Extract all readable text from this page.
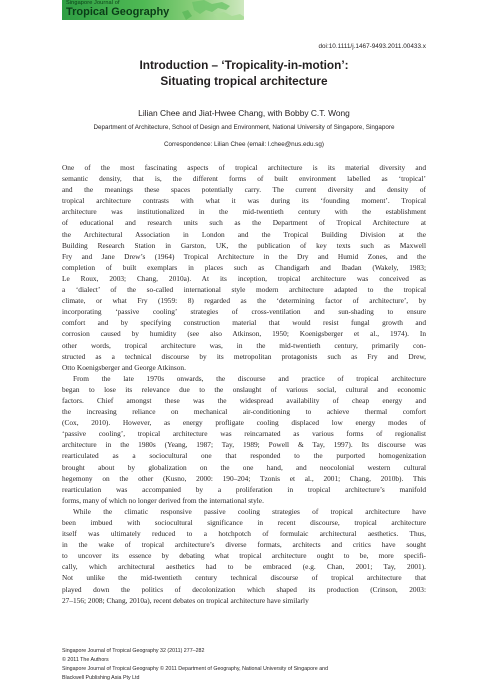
Singapore Journal of
Tropical Geography
doi:10.1111/j.1467-9493.2011.00433.x
Introduction – ‘Tropicality-in-motion’:
Situating tropical architecture
Lilian Chee and Jiat-Hwee Chang, with Bobby C.T. Wong
Department of Architecture, School of Design and Environment, National University of Singapore, Singapore
Correspondence: Lilian Chee (email: l.chee@nus.edu.sg)
One of the most fascinating aspects of tropical architecture is its material diversity and
semantic density, that is, the different forms of built environment labelled as ‘tropical’
and the meanings these spaces potentially carry. The current diversity and density of
tropical architecture contrasts with what it was during its ‘founding moment’. Tropical
architecture was institutionalized in the mid-twentieth century with the establishment
of educational and research units such as the Department of Tropical Architecture at
the Architectural Association in London and the Tropical Building Division at the
Building Research Station in Garston, UK, the publication of key texts such as Maxwell
Fry and Jane Drew’s (1964) Tropical Architecture in the Dry and Humid Zones, and the
completion of built exemplars in places such as Chandigarh and Ibadan (Wakely, 1983;
Le Roux, 2003; Chang, 2010a). At its inception, tropical architecture was conceived as
a ‘dialect’ of the so-called international style modern architecture adapted to the tropical
climate, or what Fry (1959: 8) regarded as the ‘determining factor of architecture’, by
incorporating ‘passive cooling’ strategies of cross-ventilation and sun-shading to ensure
comfort and by specifying construction material that would resist fungal growth and
corrosion caused by humidity (see also Atkinson, 1950; Koenigsberger et al., 1974). In
other words, tropical architecture was, in the mid-twentieth century, primarily con-
structed as a technical discourse by its metropolitan protagonists such as Fry and Drew,
Otto Koenigsberger and George Atkinson.
From the late 1970s onwards, the discourse and practice of tropical architecture
began to lose its relevance due to the onslaught of various social, cultural and economic
factors. Chief amongst these was the widespread availability of cheap energy and
the increasing reliance on mechanical air-conditioning to achieve thermal comfort
(Cox, 2010). However, as energy profligate cooling displaced low energy modes of
‘passive cooling’, tropical architecture was reincarnated as various forms of regionalist
architecture in the 1980s (Yeang, 1987; Tay, 1989; Powell & Tay, 1997). Its discourse was
rearticulated as a sociocultural one that responded to the purported homogenization
brought about by globalization on the one hand, and neocolonial western cultural
hegemony on the other (Kusno, 2000: 190–204; Tzonis et al., 2001; Chang, 2010b). This
rearticulation was accompanied by a proliferation in tropical architecture’s manifold
forms, many of which no longer derived from the international style.
While the climatic responsive passive cooling strategies of tropical architecture have
been imbued with sociocultural significance in recent discourse, tropical architecture
itself was ultimately reduced to a hotchpotch of formulaic architectural aesthetics. Thus,
in the wake of tropical architecture’s diverse formats, architects and critics have sought
to uncover its essence by debating what tropical architecture ought to be, more specifi-
cally, which architectural aesthetics had to be embraced (e.g. Chan, 2001; Tay, 2001).
Not unlike the mid-twentieth century technical discourse of tropical architecture that
played down the politics of decolonization which shaped its production (Crinson, 2003:
27–156; 2008; Chang, 2010a), recent debates on tropical architecture have similarly
Singapore Journal of Tropical Geography 32 (2011) 277–282
© 2011 The Authors
Singapore Journal of Tropical Geography © 2011 Department of Geography, National University of Singapore and
Blackwell Publishing Asia Pty Ltd
